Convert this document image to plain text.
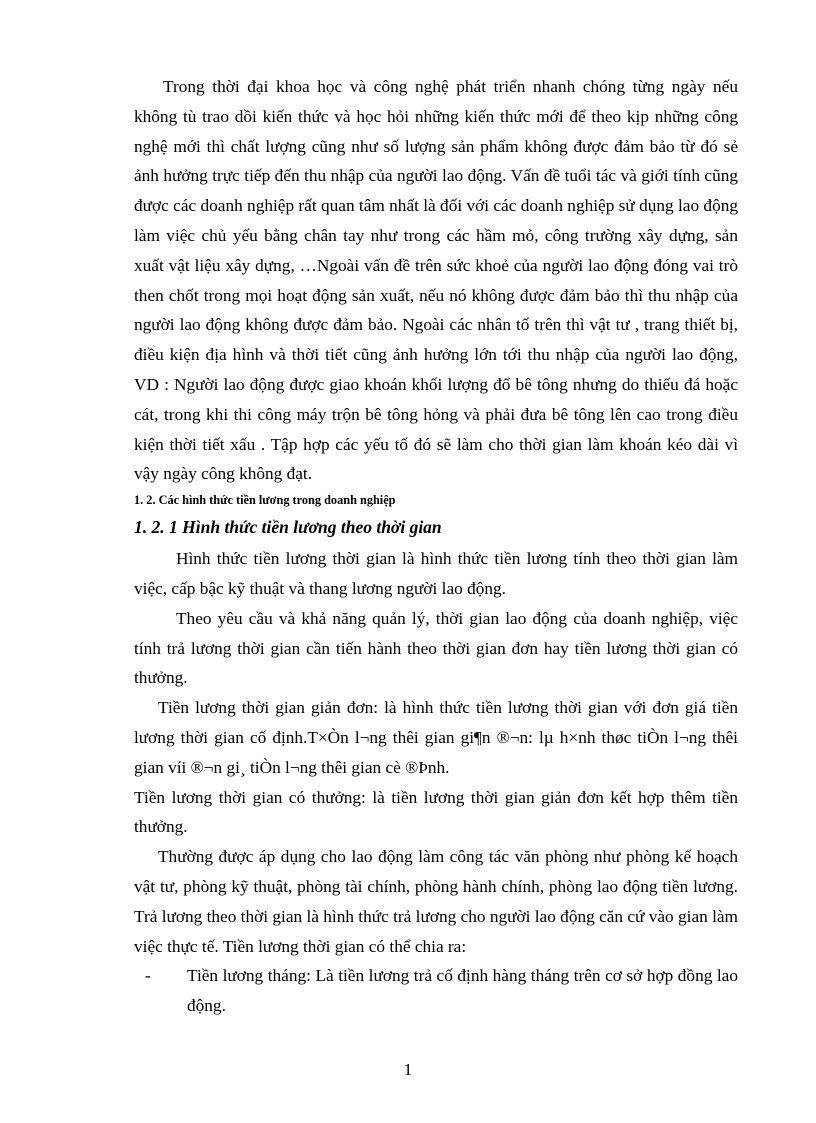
Trong thời đại khoa học và công nghệ phát triển nhanh chóng từng ngày nếu không tù trao dồi kiến thức và học hỏi những kiến thức mới để theo kịp những công nghệ mới thì chất lượng cũng như số lượng sản phẩm không được đảm bảo từ đó sẻ ảnh hưởng trực tiếp đến thu nhập của người lao động. Vấn đề tuổi tác và giới tính cũng được các doanh nghiệp rất quan tâm nhất là đối với các doanh nghiệp sử dụng lao động làm việc chủ yếu bằng chân tay như trong các hầm mỏ, công trường xây dựng, sản xuất vật liệu xây dựng, …Ngoài vấn đề trên sức khoẻ của người lao động đóng vai trò then chốt trong mọi hoạt động sản xuất, nếu nó không được đảm bảo thì thu nhập của người lao động không được đảm bảo. Ngoài các nhân tố trên thì vật tư , trang thiết bị, điều kiện địa hình và thời tiết cũng ảnh hưởng lớn tới thu nhập của người lao động, VD : Người lao động được giao khoán khối lượng đổ bê tông nhưng do thiếu đá hoặc cát, trong khi thi công máy trộn bê tông hỏng và phải đưa bê tông lên cao trong điều kiện thời tiết xấu . Tập hợp các yếu tố đó sẽ làm cho thời gian làm khoán kéo dài vì vậy ngày công không đạt.

1. 2. Các hình thức tiền lương trong doanh nghiệp

1. 2. 1 Hình thức tiền lương theo thời gian

Hình thức tiền lương thời gian là hình thức tiền lương tính theo thời gian làm việc, cấp bậc kỹ thuật và thang lương người lao động.

Theo yêu cầu và khả năng quản lý, thời gian lao động của doanh nghiệp, việc tính trả lương thời gian cần tiến hành theo thời gian đơn hay tiền lương thời gian có thưởng.

Tiền lương thời gian giản đơn: là hình thức tiền lương thời gian với đơn giá tiền lương thời gian cố định.T×Òn l¬ng thêi gian gi¶n ®¬n: lµ h×nh thøc tiÒn l¬ng thêi gian víi ®¬n gi¸ tiÒn l¬ng thêi gian cè ®Þnh.

Tiền lương thời gian có thưởng: là tiền lương thời gian giản đơn kết hợp thêm tiền thưởng.

Thường được áp dụng cho lao động làm công tác văn phòng như phòng kế hoạch vật tư, phòng kỹ thuật, phòng tài chính, phòng hành chính, phòng lao động tiền lương. Trả lương theo thời gian là hình thức trả lương cho người lao động căn cứ vào gian làm việc thực tế. Tiền lương thời gian có thể chia ra:

-	Tiền lương tháng: Là tiền lương trả cố định hàng tháng trên cơ sở hợp đồng lao động.
1
